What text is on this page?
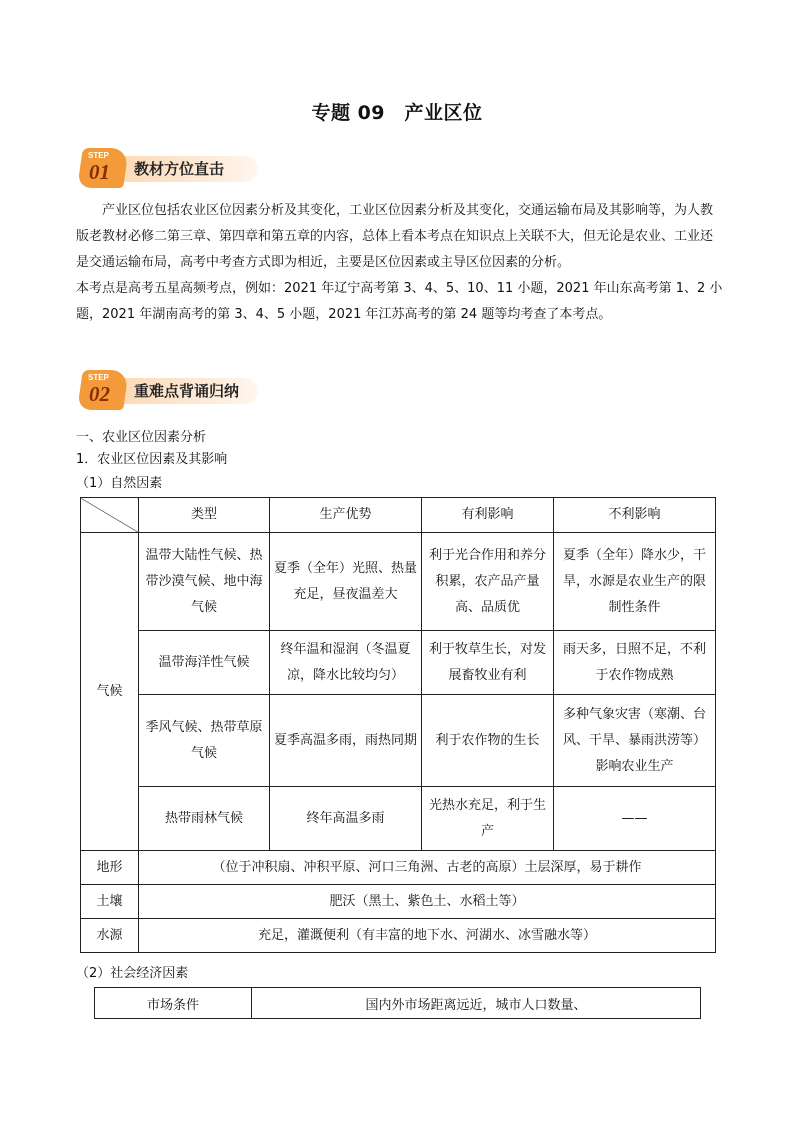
专题 09　产业区位
STEP
01 教材方位直击

产业区位包括农业区位因素分析及其变化，工业区位因素分析及其变化，交通运输布局及其影响等，为人教版老教材必修二第三章、第四章和第五章的内容，总体上看本考点在知识点上关联不大，但无论是农业、工业还是交通运输布局，高考中考查方式即为相近，主要是区位因素或主导区位因素的分析。

本考点是高考五星高频考点，例如：2021 年辽宁高考第 3、4、5、10、11 小题，2021 年山东高考第 1、2 小题，2021 年湖南高考的第 3、4、5 小题，2021 年江苏高考的第 24 题等均考查了本考点。

STEP
02 重难点背诵归纳
一、农业区位因素分析
1．农业区位因素及其影响
（1）自然因素
	类型	生产优势	有利影响	不利影响
气候	温带大陆性气候、热带沙漠气候、地中海气候	夏季（全年）光照、热量充足，昼夜温差大	利于光合作用和养分积累，农产品产量高、品质优	夏季（全年）降水少，干旱，水源是农业生产的限制性条件
	温带海洋性气候	终年温和湿润（冬温夏凉，降水比较均匀）	利于牧草生长，对发展畜牧业有利	雨天多，日照不足，不利于农作物成熟
	季风气候、热带草原气候	夏季高温多雨，雨热同期	利于农作物的生长	多种气象灾害（寒潮、台风、干旱、暴雨洪涝等）影响农业生产
	热带雨林气候	终年高温多雨	光热水充足，利于生产	——
地形	（位于冲积扇、冲积平原、河口三角洲、古老的高原）土层深厚，易于耕作			
土壤	肥沃（黑土、紫色土、水稻土等）			
水源	充足，灌溉便利（有丰富的地下水、河湖水、冰雪融水等）			
（2）社会经济因素
市场条件	国内外市场距离远近，城市人口数量、
